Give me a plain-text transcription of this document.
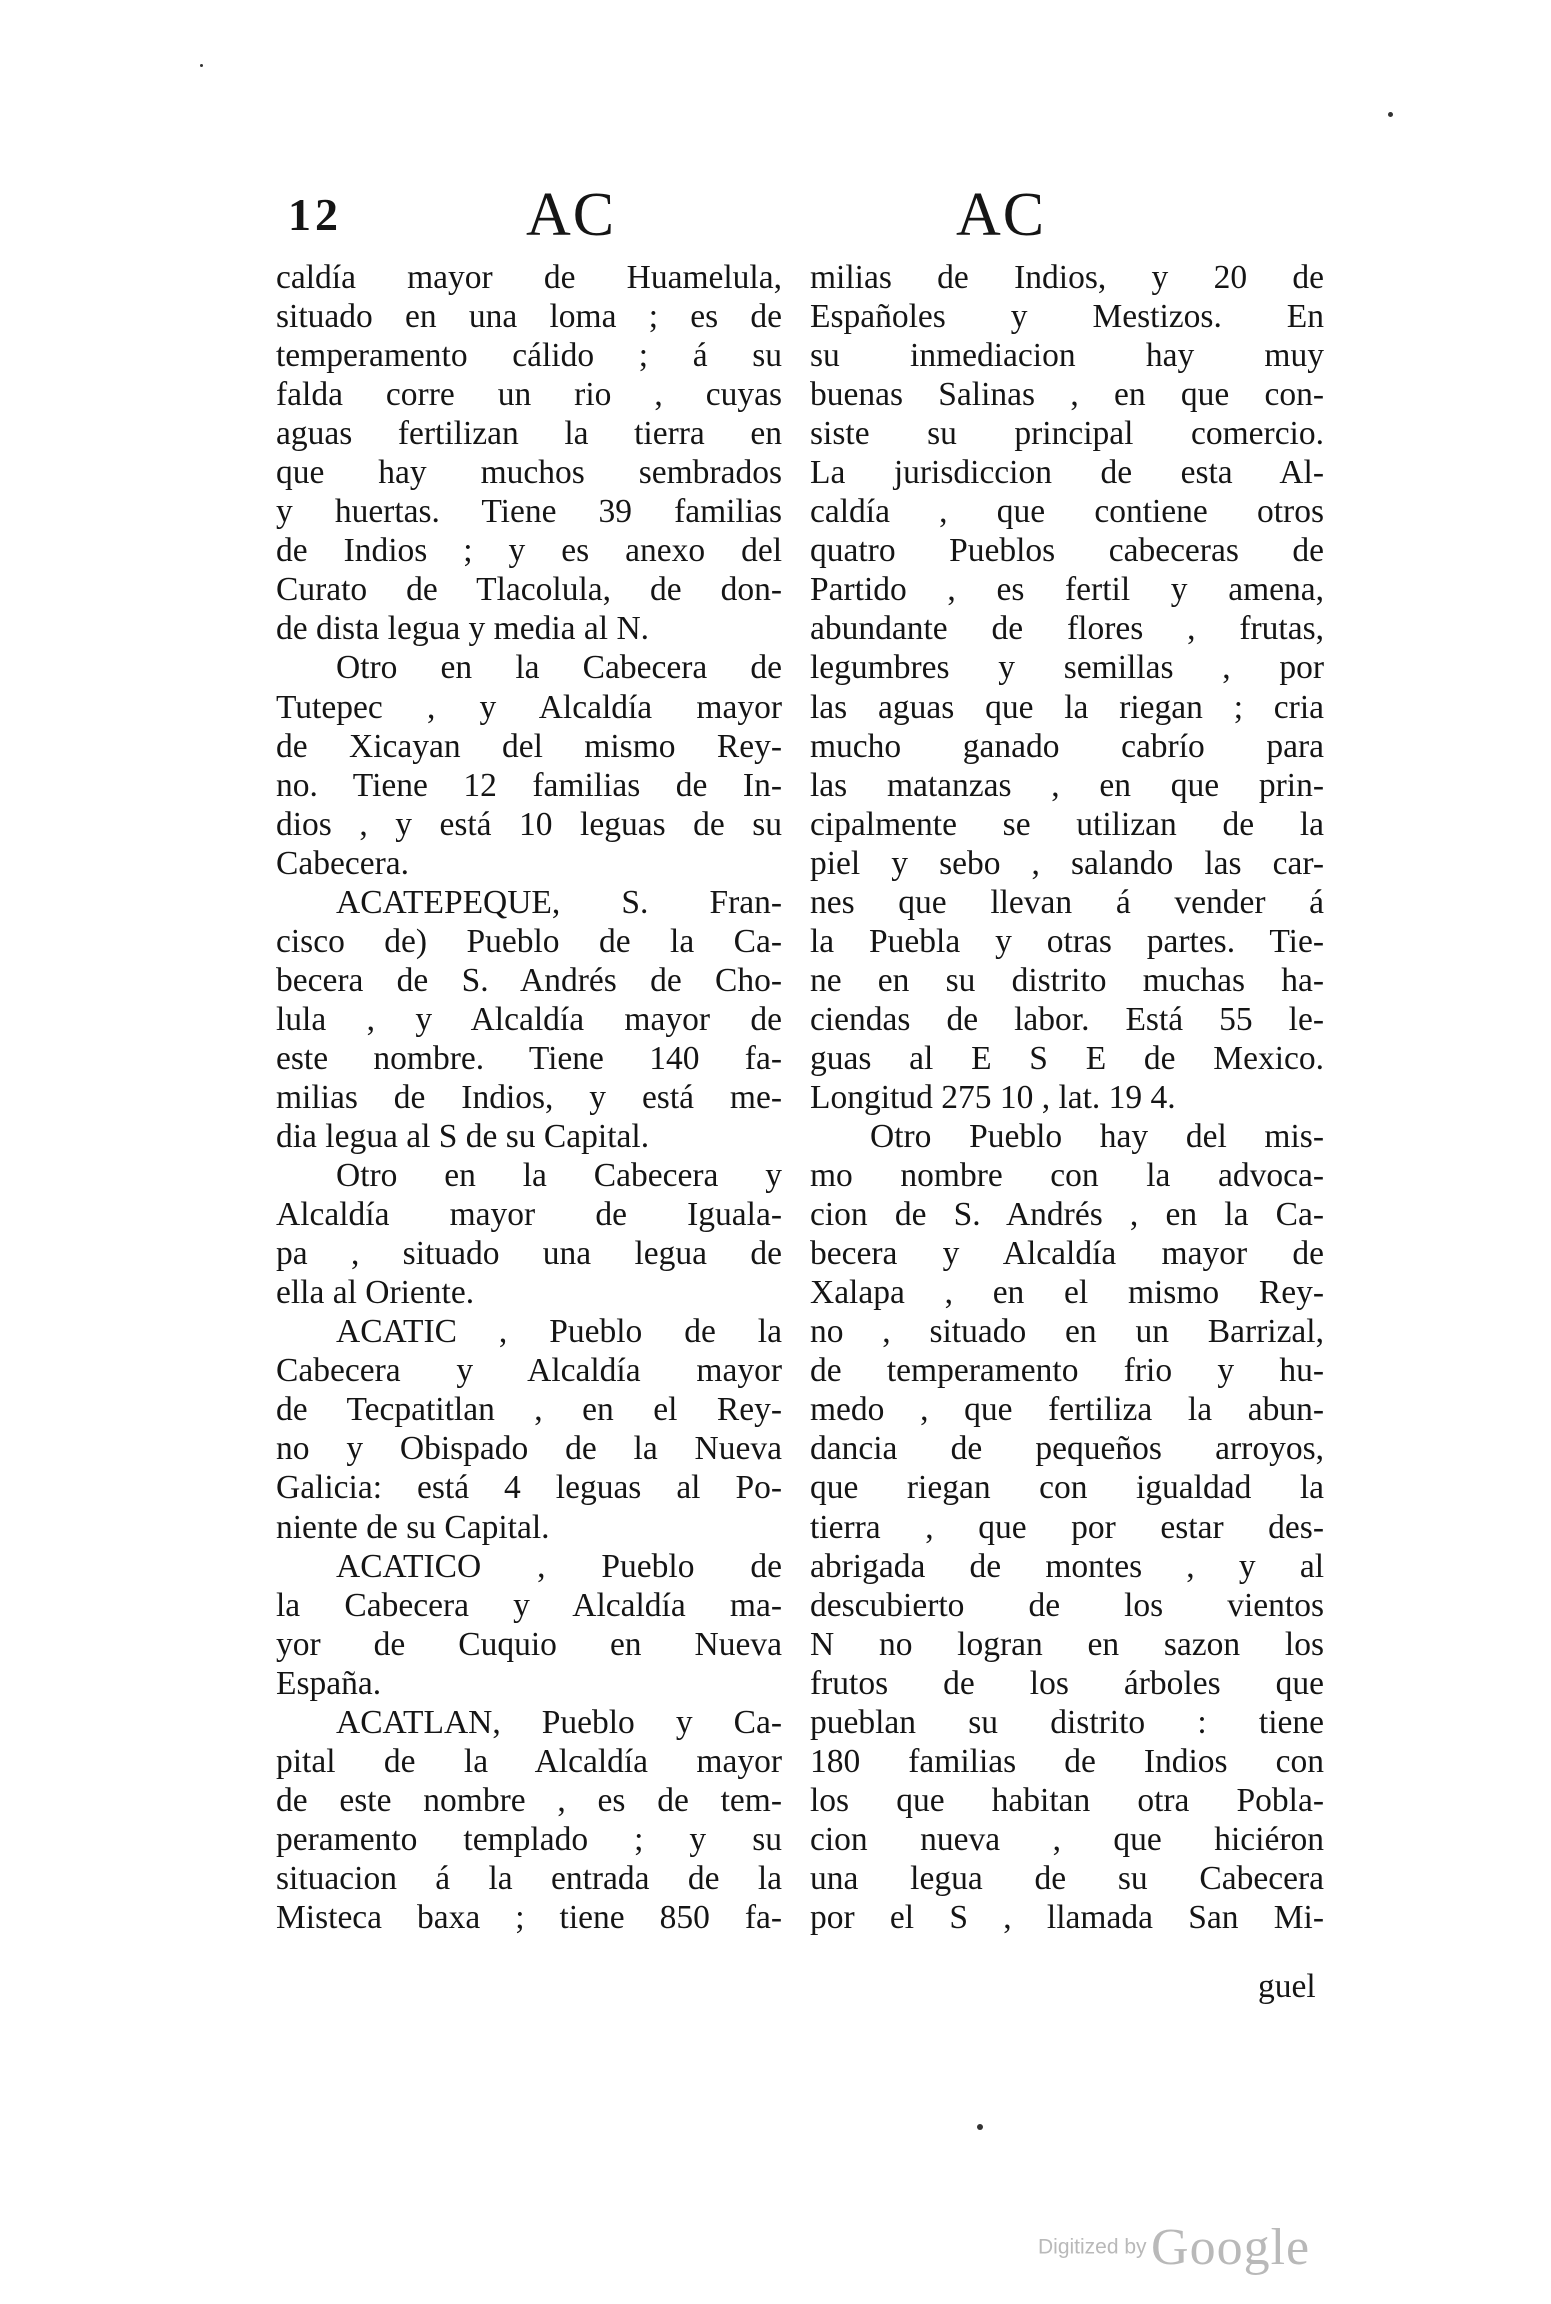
12	AC	AC
caldía mayor de Huamelula,
situado en una loma ; es de
temperamento cálido ; á su
falda corre un rio , cuyas
aguas fertilizan la tierra en
que hay muchos sembrados
y huertas. Tiene 39 familias
de Indios ; y es anexo del
Curato de Tlacolula, de don-
de dista legua y media al N.
Otro en la Cabecera de
Tutepec , y Alcaldía mayor
de Xicayan del mismo Rey-
no. Tiene 12 familias de In-
dios , y está 10 leguas de su
Cabecera.
ACATEPEQUE, S. Fran-
cisco de) Pueblo de la Ca-
becera de S. Andrés de Cho-
lula , y Alcaldía mayor de
este nombre. Tiene 140 fa-
milias de Indios, y está me-
dia legua al S de su Capital.
Otro en la Cabecera y
Alcaldía mayor de Iguala-
pa , situado una legua de
ella al Oriente.
ACATIC , Pueblo de la
Cabecera y Alcaldía mayor
de Tecpatitlan , en el Rey-
no y Obispado de la Nueva
Galicia: está 4 leguas al Po-
niente de su Capital.
ACATICO , Pueblo de
la Cabecera y Alcaldía ma-
yor de Cuquio en Nueva
España.
ACATLAN, Pueblo y Ca-
pital de la Alcaldía mayor
de este nombre , es de tem-
peramento templado ; y su
situacion á la entrada de la
Misteca baxa ; tiene 850 fa-
milias de Indios, y 20 de
Españoles y Mestizos. En
su inmediacion hay muy
buenas Salinas , en que con-
siste su principal comercio.
La jurisdiccion de esta Al-
caldía , que contiene otros
quatro Pueblos cabeceras de
Partido , es fertil y amena,
abundante de flores , frutas,
legumbres y semillas , por
las aguas que la riegan ; cria
mucho ganado cabrío para
las matanzas , en que prin-
cipalmente se utilizan de la
piel y sebo , salando las car-
nes que llevan á vender á
la Puebla y otras partes. Tie-
ne en su distrito muchas ha-
ciendas de labor. Está 55 le-
guas al E S E de Mexico.
Longitud 275 10 , lat. 19 4.
Otro Pueblo hay del mis-
mo nombre con la advoca-
cion de S. Andrés , en la Ca-
becera y Alcaldía mayor de
Xalapa , en el mismo Rey-
no , situado en un Barrizal,
de temperamento frio y hu-
medo , que fertiliza la abun-
dancia de pequeños arroyos,
que riegan con igualdad la
tierra , que por estar des-
abrigada de montes , y al
descubierto de los vientos
N no logran en sazon los
frutos de los árboles que
pueblan su distrito : tiene
180 familias de Indios con
los que habitan otra Pobla-
cion nueva , que hiciéron
una legua de su Cabecera
por el S , llamada San Mi-
guel
Digitized by Google
